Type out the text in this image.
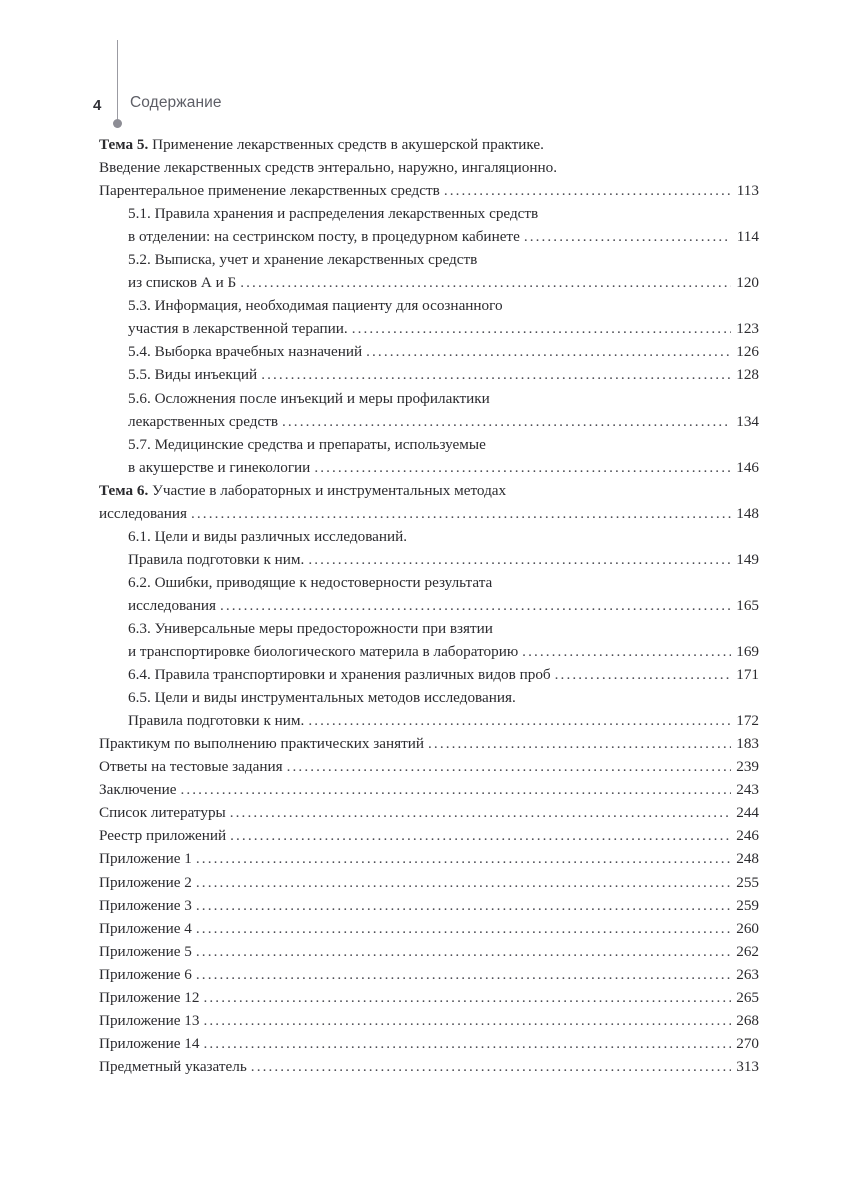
4 Содержание
Тема 5. Применение лекарственных средств в акушерской практике.
Введение лекарственных средств энтерально, наружно, ингаляционно.
Парентеральное применение лекарственных средств .....	113
5.1. Правила хранения и распределения лекарственных средств
в отделении: на сестринском посту, в процедурном кабинете .....	114
5.2. Выписка, учет и хранение лекарственных средств
из списков А и Б .....	120
5.3. Информация, необходимая пациенту для осознанного
участия в лекарственной терапии. .....	123
5.4. Выборка врачебных назначений .....	126
5.5. Виды инъекций .....	128
5.6. Осложнения после инъекций и меры профилактики
лекарственных средств .....	134
5.7. Медицинские средства и препараты, используемые
в акушерстве и гинекологии .....	146
Тема 6. Участие в лабораторных и инструментальных методах
исследования .....	148
6.1. Цели и виды различных исследований.
Правила подготовки к ним. .....	149
6.2. Ошибки, приводящие к недостоверности результата
исследования .....	165
6.3. Универсальные меры предосторожности при взятии
и транспортировке биологического материла в лабораторию .....	169
6.4. Правила транспортировки и хранения различных видов проб .....	171
6.5. Цели и виды инструментальных методов исследования.
Правила подготовки к ним. .....	172
Практикум по выполнению практических занятий .....	183
Ответы на тестовые задания .....	239
Заключение .....	243
Список литературы .....	244
Реестр приложений .....	246
Приложение 1 .....	248
Приложение 2 .....	255
Приложение 3 .....	259
Приложение 4 .....	260
Приложение 5 .....	262
Приложение 6 .....	263
Приложение 12 .....	265
Приложение 13 .....	268
Приложение 14 .....	270
Предметный указатель .....	313
